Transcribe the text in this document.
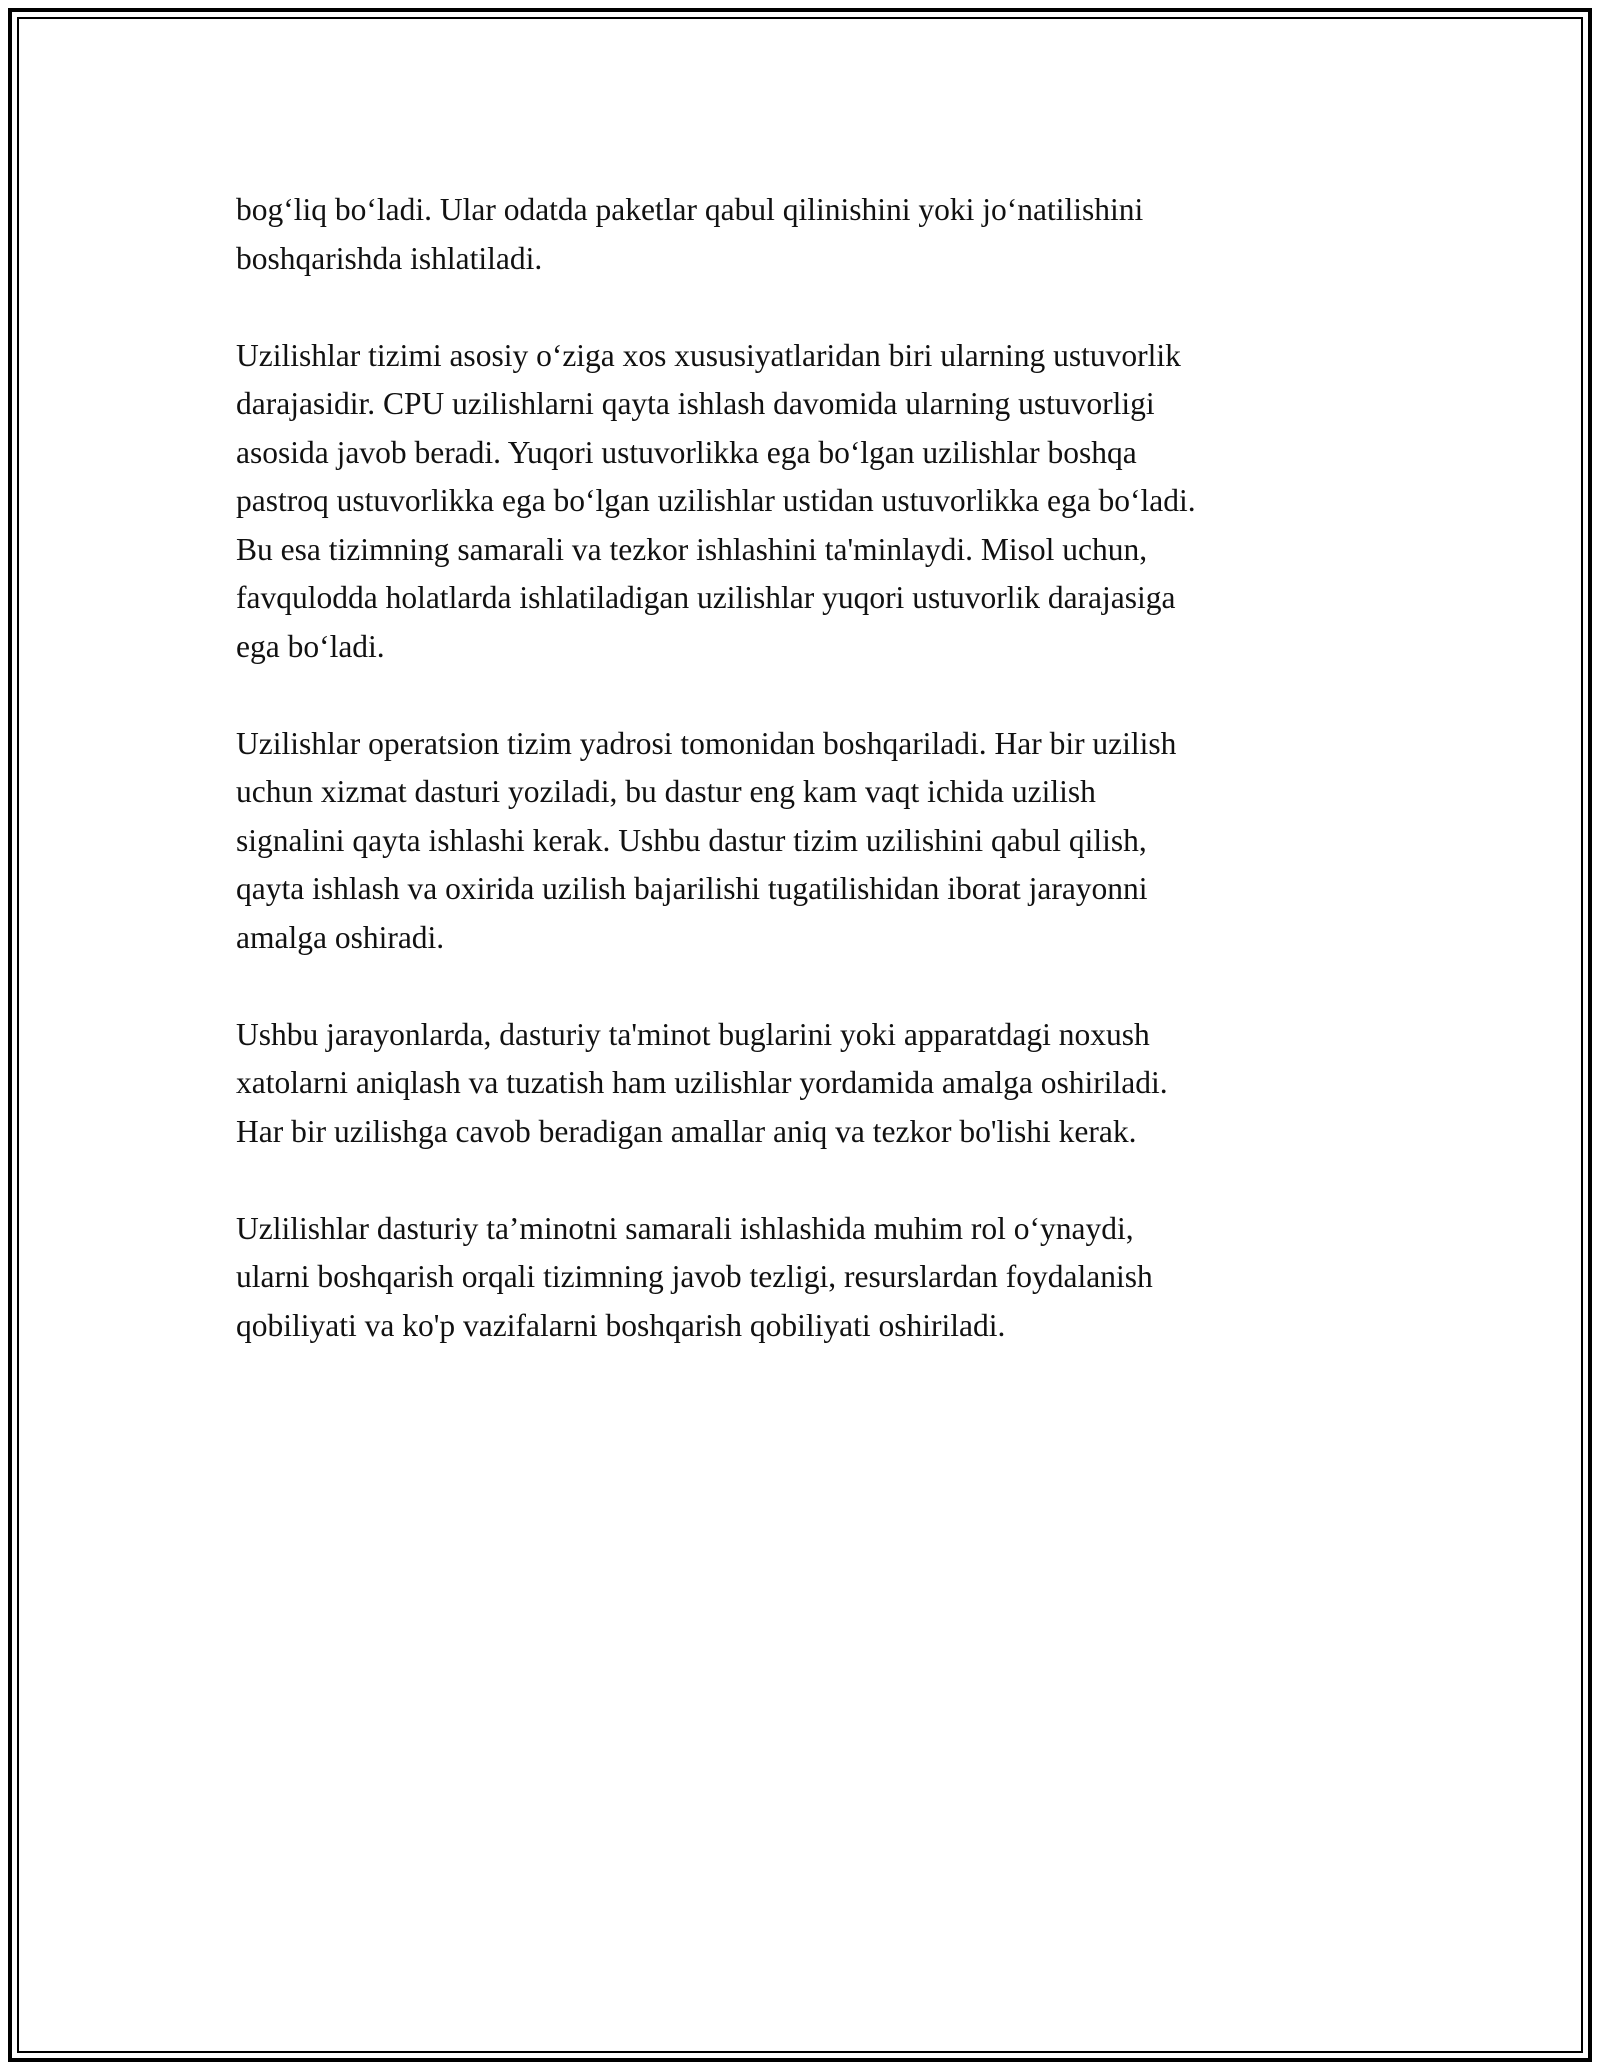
bog‘liq bo‘ladi. Ular odatda paketlar qabul qilinishini yoki jo‘natilishini
boshqarishda ishlatiladi.

Uzilishlar tizimi asosiy o‘ziga xos xususiyatlaridan biri ularning ustuvorlik
darajasidir. CPU uzilishlarni qayta ishlash davomida ularning ustuvorligi
asosida javob beradi. Yuqori ustuvorlikka ega bo‘lgan uzilishlar boshqa
pastroq ustuvorlikka ega bo‘lgan uzilishlar ustidan ustuvorlikka ega bo‘ladi.
Bu esa tizimning samarali va tezkor ishlashini ta'minlaydi. Misol uchun,
favqulodda holatlarda ishlatiladigan uzilishlar yuqori ustuvorlik darajasiga
ega bo‘ladi.

Uzilishlar operatsion tizim yadrosi tomonidan boshqariladi. Har bir uzilish
uchun xizmat dasturi yoziladi, bu dastur eng kam vaqt ichida uzilish
signalini qayta ishlashi kerak. Ushbu dastur tizim uzilishini qabul qilish,
qayta ishlash va oxirida uzilish bajarilishi tugatilishidan iborat jarayonni
amalga oshiradi.

Ushbu jarayonlarda, dasturiy ta'minot buglarini yoki apparatdagi noxush
xatolarni aniqlash va tuzatish ham uzilishlar yordamida amalga oshiriladi.
Har bir uzilishga cavob beradigan amallar aniq va tezkor bo'lishi kerak.

Uzlilishlar dasturiy ta’minotni samarali ishlashida muhim rol o‘ynaydi,
ularni boshqarish orqali tizimning javob tezligi, resurslardan foydalanish
qobiliyati va ko'p vazifalarni boshqarish qobiliyati oshiriladi.
